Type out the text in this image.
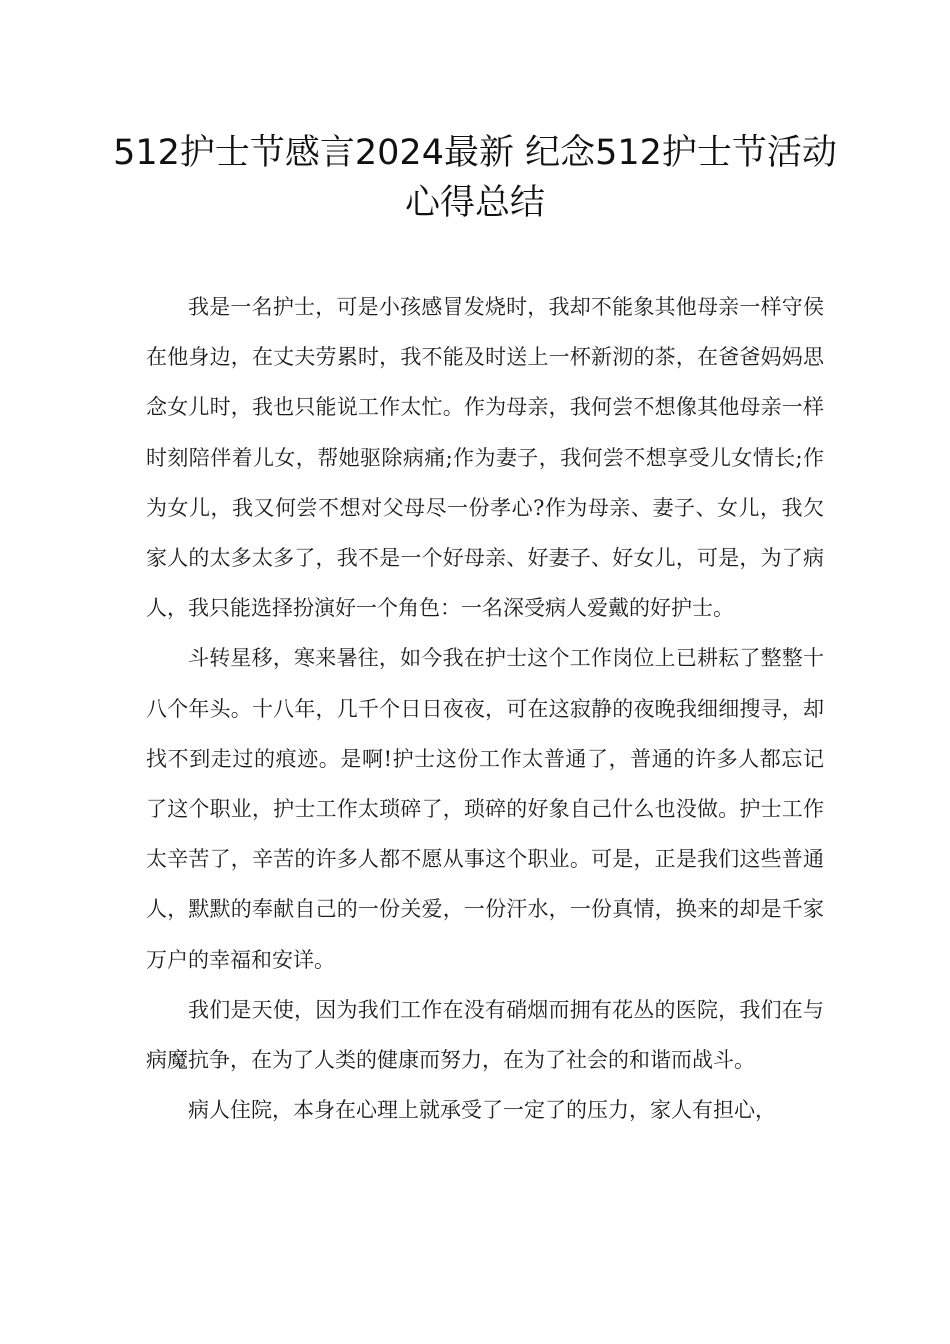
512护士节感言2024最新 纪念512护士节活动心得总结

我是一名护士，可是小孩感冒发烧时，我却不能象其他母亲一样守侯在他身边，在丈夫劳累时，我不能及时送上一杯新沏的茶，在爸爸妈妈思念女儿时，我也只能说工作太忙。作为母亲，我何尝不想像其他母亲一样时刻陪伴着儿女，帮她驱除病痛;作为妻子，我何尝不想享受儿女情长;作为女儿，我又何尝不想对父母尽一份孝心?作为母亲、妻子、女儿，我欠家人的太多太多了，我不是一个好母亲、好妻子、好女儿，可是，为了病人，我只能选择扮演好一个角色：一名深受病人爱戴的好护士。

斗转星移，寒来暑往，如今我在护士这个工作岗位上已耕耘了整整十八个年头。十八年，几千个日日夜夜，可在这寂静的夜晚我细细搜寻，却找不到走过的痕迹。是啊!护士这份工作太普通了，普通的许多人都忘记了这个职业，护士工作太琐碎了，琐碎的好象自己什么也没做。护士工作太辛苦了，辛苦的许多人都不愿从事这个职业。可是，正是我们这些普通人，默默的奉献自己的一份关爱，一份汗水，一份真情，换来的却是千家万户的幸福和安详。

我们是天使，因为我们工作在没有硝烟而拥有花丛的医院，我们在与病魔抗争，在为了人类的健康而努力，在为了社会的和谐而战斗。

病人住院，本身在心理上就承受了一定了的压力，家人有担心，
